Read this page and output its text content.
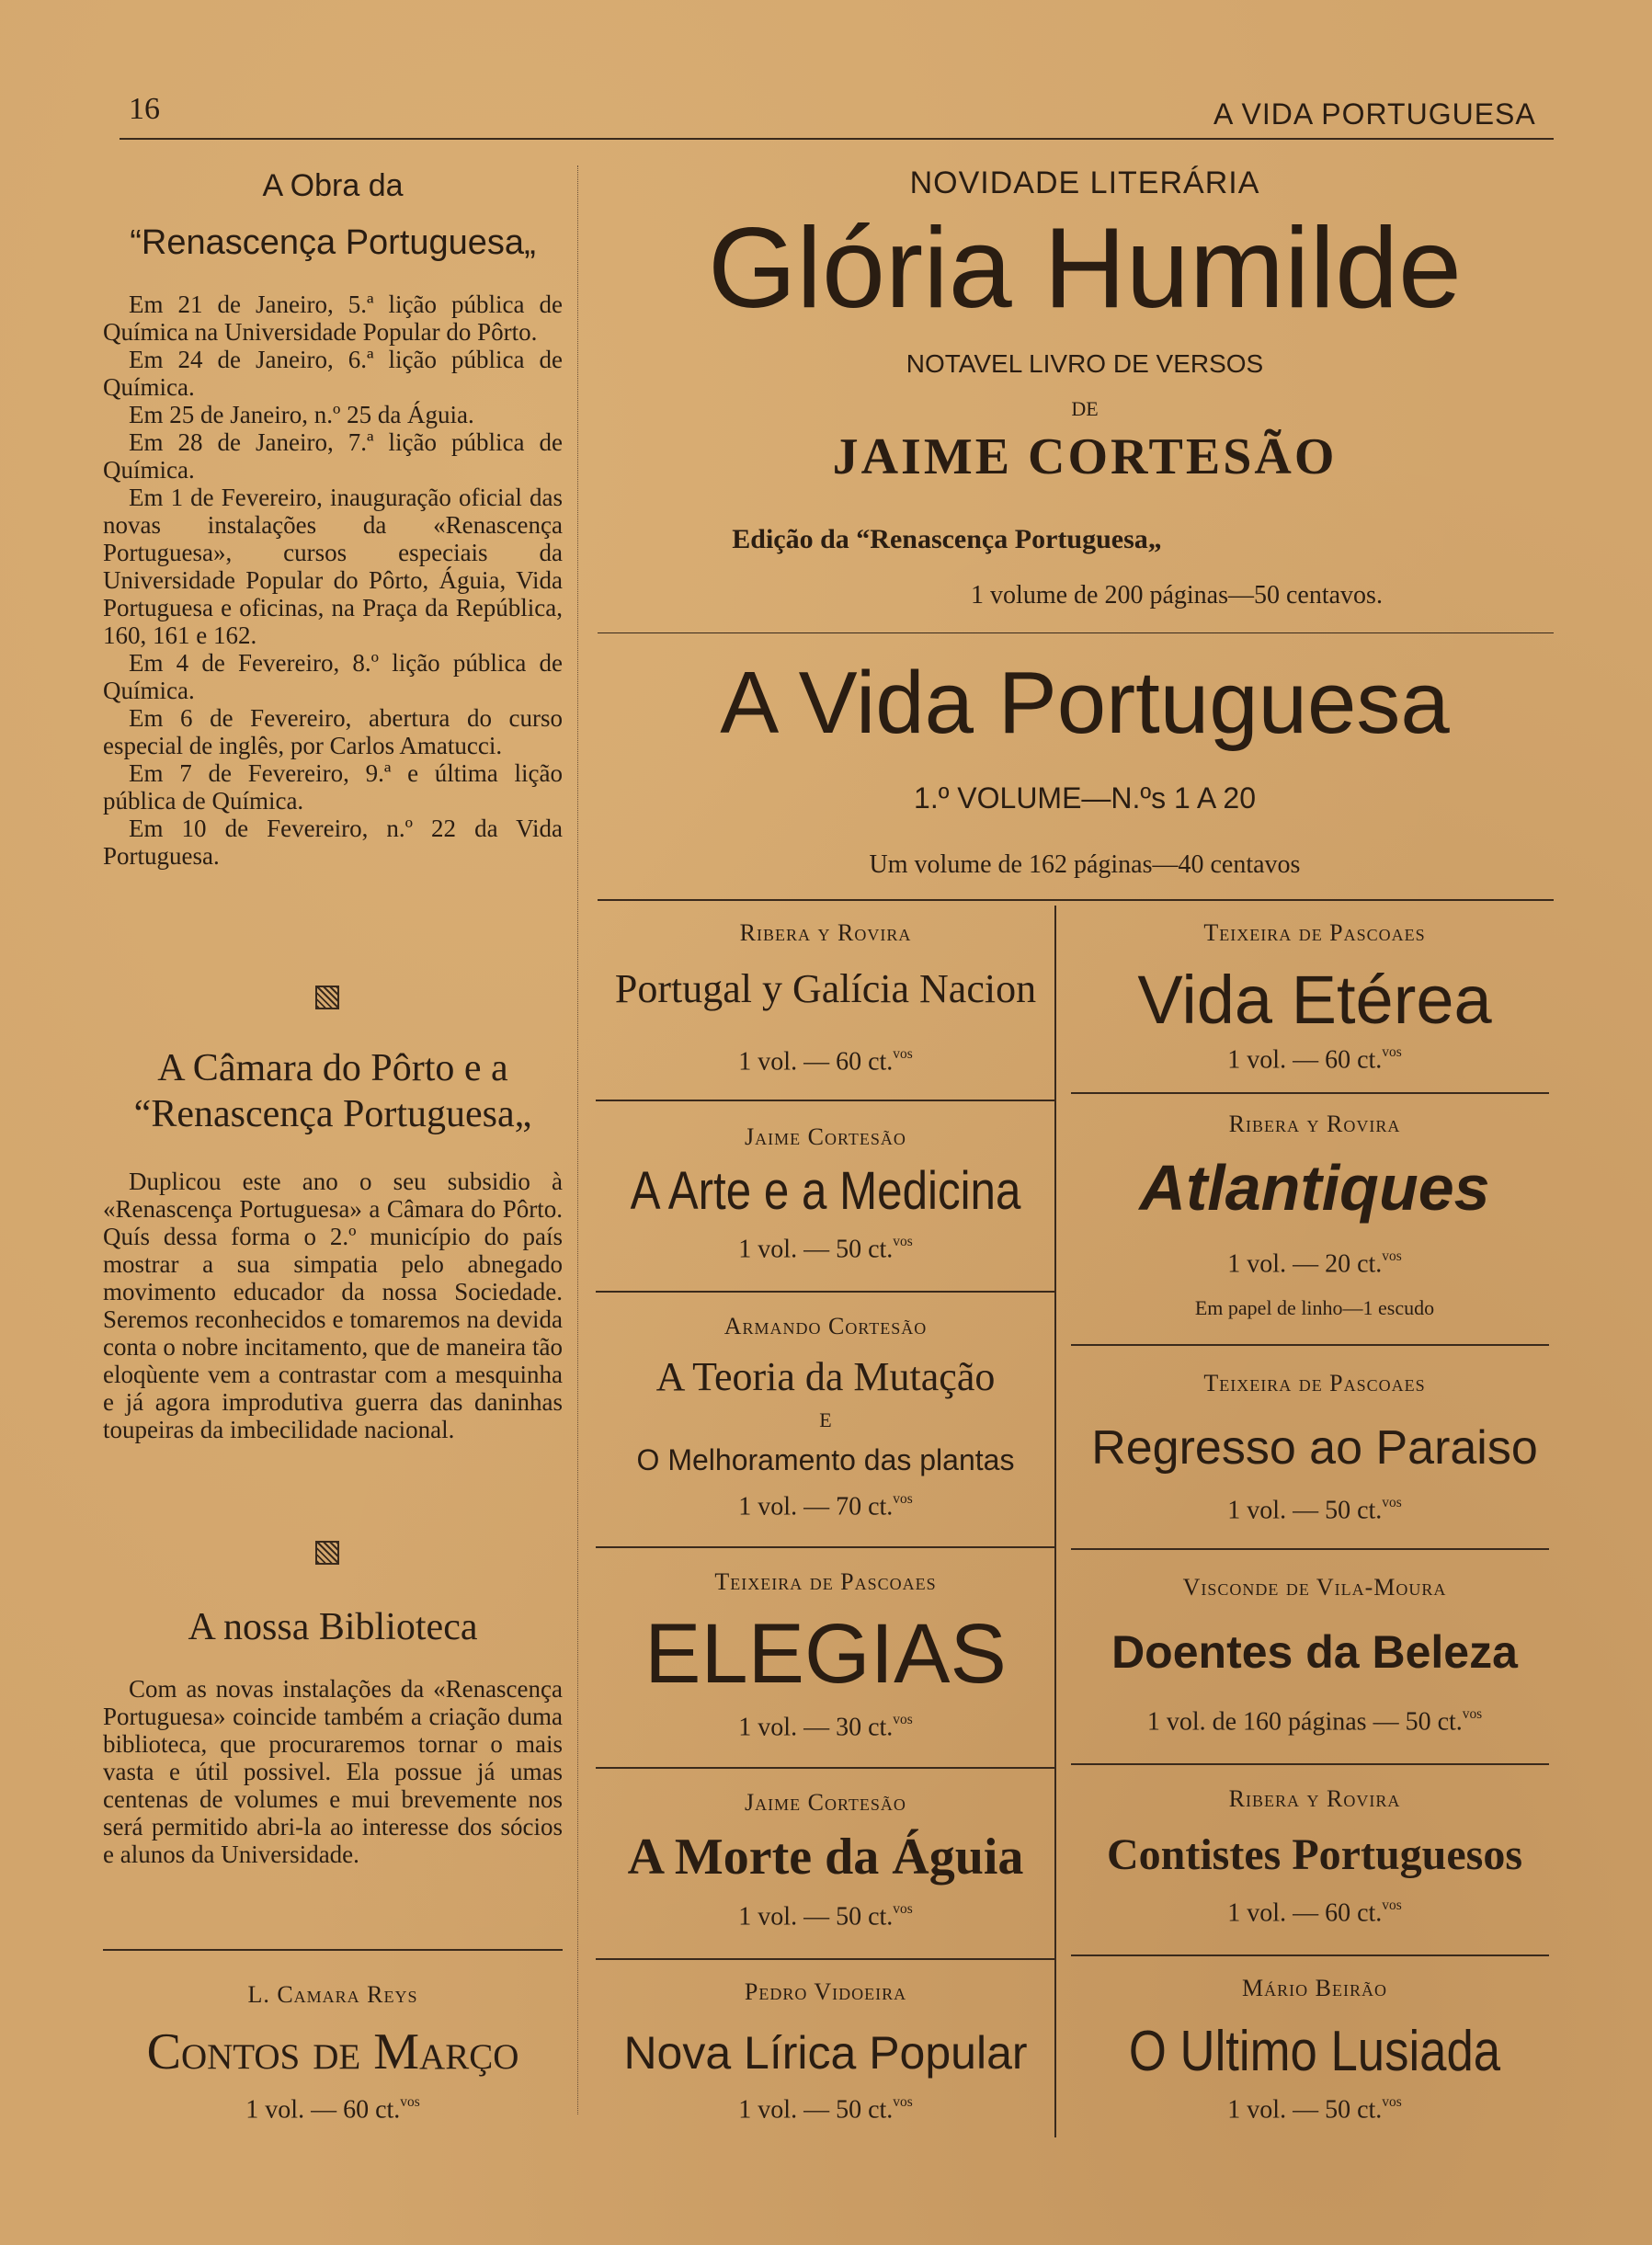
16	A VIDA PORTUGUESA
A Obra da
“Renascença Portuguesa„

Em 21 de Janeiro, 5.ª lição pública de Química na Universidade Popular do Pôrto.

Em 24 de Janeiro, 6.ª lição pública de Química.

Em 25 de Janeiro, n.º 25 da Águia.

Em 28 de Janeiro, 7.ª lição pública de Química.

Em 1 de Fevereiro, inauguração oficial das novas instalações da «Renascença Portuguesa», cursos especiais da Universidade Popular do Pôrto, Águia, Vida Portuguesa e oficinas, na Praça da República, 160, 161 e 162.

Em 4 de Fevereiro, 8.º lição pública de Química.

Em 6 de Fevereiro, abertura do curso especial de inglês, por Carlos Amatucci.

Em 7 de Fevereiro, 9.ª e última lição pública de Química.

Em 10 de Fevereiro, n.º 22 da Vida Portuguesa.

A Câmara do Pôrto e a
“Renascença Portuguesa„

Duplicou este ano o seu subsidio à «Renascença Portuguesa» a Câmara do Pôrto. Quís dessa forma o 2.º município do país mostrar a sua simpatia pelo abnegado movimento educador da nossa Sociedade. Seremos reconhecidos e tomaremos na devida conta o nobre incitamento, que de maneira tão eloqùente vem a contrastar com a mesquinha e já agora improdutiva guerra das daninhas toupeiras da imbecilidade nacional.

A nossa Biblioteca

Com as novas instalações da «Renascença Portuguesa» coincide também a criação duma biblioteca, que procuraremos tornar o mais vasta e útil possivel. Ela possue já umas centenas de volumes e mui brevemente nos será permitido abri-la ao interesse dos sócios e alunos da Universidade.

L. Camara Reys
Contos de Março
1 vol. — 60 ct.$^{vos}$
NOVIDADE LITERÁRIA
Glória Humilde
NOTAVEL LIVRO DE VERSOS
DE
JAIME CORTESÃO
Edição da “Renascença Portuguesa„
1 volume de 200 páginas—50 centavos.
A Vida Portuguesa
1.º VOLUME—N.ºs 1 A 20
Um volume de 162 páginas—40 centavos
Ribera y Rovira
Portugal y Galícia Nacion
1 vol. — 60 ct.$^{vos}$
Jaime Cortesão
A Arte e a Medicina
1 vol. — 50 ct.$^{vos}$
Armando Cortesão
A Teoria da Mutação
E
O Melhoramento das plantas
1 vol. — 70 ct.$^{vos}$
Teixeira de Pascoaes
ELEGIAS
1 vol. — 30 ct.$^{vos}$
Jaime Cortesão
A Morte da Águia
1 vol. — 50 ct.$^{vos}$
Pedro Vidoeira
Nova Lírica Popular
1 vol. — 50 ct.$^{vos}$
Teixeira de Pascoaes
Vida Etérea
1 vol. — 60 ct.$^{vos}$
Ribera y Rovira
Atlantiques
1 vol. — 20 ct.$^{vos}$
Em papel de linho—1 escudo
Teixeira de Pascoaes
Regresso ao Paraiso
1 vol. — 50 ct.$^{vos}$
Visconde de Vila-Moura
Doentes da Beleza
1 vol. de 160 páginas — 50 ct.$^{vos}$
Ribera y Rovira
Contistes Portuguesos
1 vol. — 60 ct.$^{vos}$
Mário Beirão
O Ultimo Lusiada
1 vol. — 50 ct.$^{vos}$
